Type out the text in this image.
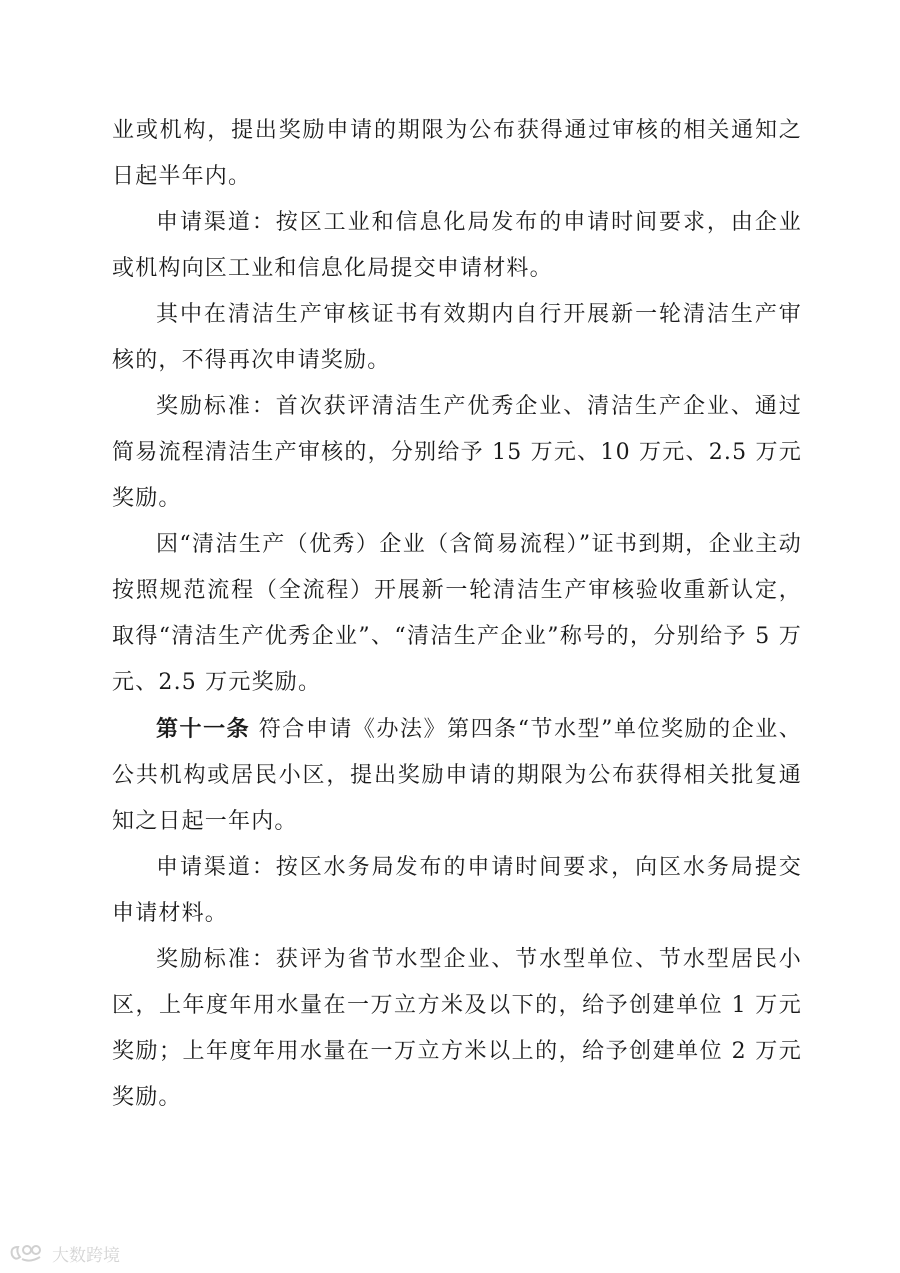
业或机构，提出奖励申请的期限为公布获得通过审核的相关通知之日起半年内。

申请渠道：按区工业和信息化局发布的申请时间要求，由企业或机构向区工业和信息化局提交申请材料。

其中在清洁生产审核证书有效期内自行开展新一轮清洁生产审核的，不得再次申请奖励。

奖励标准：首次获评清洁生产优秀企业、清洁生产企业、通过简易流程清洁生产审核的，分别给予 15 万元、10 万元、2.5 万元奖励。

因“清洁生产（优秀）企业（含简易流程）”证书到期，企业主动按照规范流程（全流程）开展新一轮清洁生产审核验收重新认定，取得“清洁生产优秀企业”、“清洁生产企业”称号的，分别给予 5 万元、2.5 万元奖励。

第十一条 符合申请《办法》第四条“节水型”单位奖励的企业、公共机构或居民小区，提出奖励申请的期限为公布获得相关批复通知之日起一年内。

申请渠道：按区水务局发布的申请时间要求，向区水务局提交申请材料。

奖励标准：获评为省节水型企业、节水型单位、节水型居民小区，上年度年用水量在一万立方米及以下的，给予创建单位 1 万元奖励；上年度年用水量在一万立方米以上的，给予创建单位 2 万元奖励。

大数跨境
